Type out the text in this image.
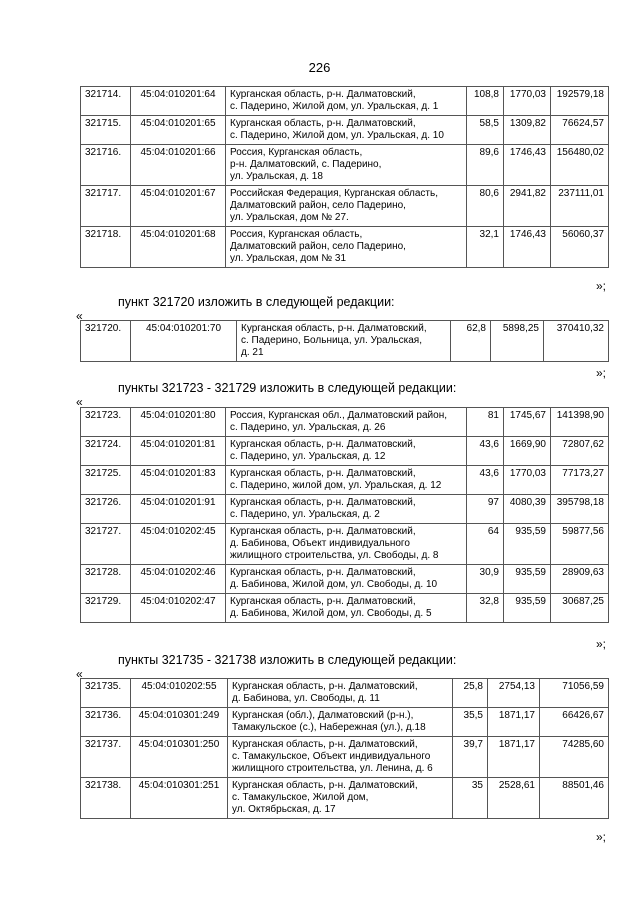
226
321714.	45:04:010201:64	Курганская область, р-н. Далматовский,
с. Падерино, Жилой дом, ул. Уральская, д. 1	108,8	1770,03	192579,18
321715.	45:04:010201:65	Курганская область, р-н. Далматовский,
с. Падерино, Жилой дом, ул. Уральская, д. 10	58,5	1309,82	76624,57
321716.	45:04:010201:66	Россия, Курганская область,
р-н. Далматовский, с. Падерино,
ул. Уральская, д. 18	89,6	1746,43	156480,02
321717.	45:04:010201:67	Российская Федерация, Курганская область,
Далматовский район, село Падерино,
ул. Уральская, дом № 27.	80,6	2941,82	237111,01
321718.	45:04:010201:68	Россия, Курганская область,
Далматовский район, село Падерино,
ул. Уральская, дом № 31	32,1	1746,43	56060,37
»;
пункт 321720 изложить в следующей редакции:
«
321720.	45:04:010201:70	Курганская область, р-н. Далматовский,
с. Падерино, Больница, ул. Уральская,
д. 21	62,8	5898,25	370410,32
»;
пункты 321723 - 321729 изложить в следующей редакции:
«
321723.	45:04:010201:80	Россия, Курганская обл., Далматовский район,
с. Падерино, ул. Уральская, д. 26	81	1745,67	141398,90
321724.	45:04:010201:81	Курганская область, р-н. Далматовский,
с. Падерино, ул. Уральская, д. 12	43,6	1669,90	72807,62
321725.	45:04:010201:83	Курганская область, р-н. Далматовский,
с. Падерино, жилой дом, ул. Уральская, д. 12	43,6	1770,03	77173,27
321726.	45:04:010201:91	Курганская область, р-н. Далматовский,
с. Падерино, ул. Уральская, д. 2	97	4080,39	395798,18
321727.	45:04:010202:45	Курганская область, р-н. Далматовский,
д. Бабинова, Объект индивидуального
жилищного строительства, ул. Свободы, д. 8	64	935,59	59877,56
321728.	45:04:010202:46	Курганская область, р-н. Далматовский,
д. Бабинова, Жилой дом, ул. Свободы, д. 10	30,9	935,59	28909,63
321729.	45:04:010202:47	Курганская область, р-н. Далматовский,
д. Бабинова, Жилой дом, ул. Свободы, д. 5	32,8	935,59	30687,25
»;
пункты 321735 - 321738 изложить в следующей редакции:
«
321735.	45:04:010202:55	Курганская область, р-н. Далматовский,
д. Бабинова, ул. Свободы, д. 11	25,8	2754,13	71056,59
321736.	45:04:010301:249	Курганская (обл.), Далматовский (р-н.),
Тамакульское (с.), Набережная (ул.), д.18	35,5	1871,17	66426,67
321737.	45:04:010301:250	Курганская область, р-н. Далматовский,
с. Тамакульское, Объект индивидуального
жилищного строительства, ул. Ленина, д. 6	39,7	1871,17	74285,60
321738.	45:04:010301:251	Курганская область, р-н. Далматовский,
с. Тамакульское, Жилой дом,
ул. Октябрьская, д. 17	35	2528,61	88501,46
»;
